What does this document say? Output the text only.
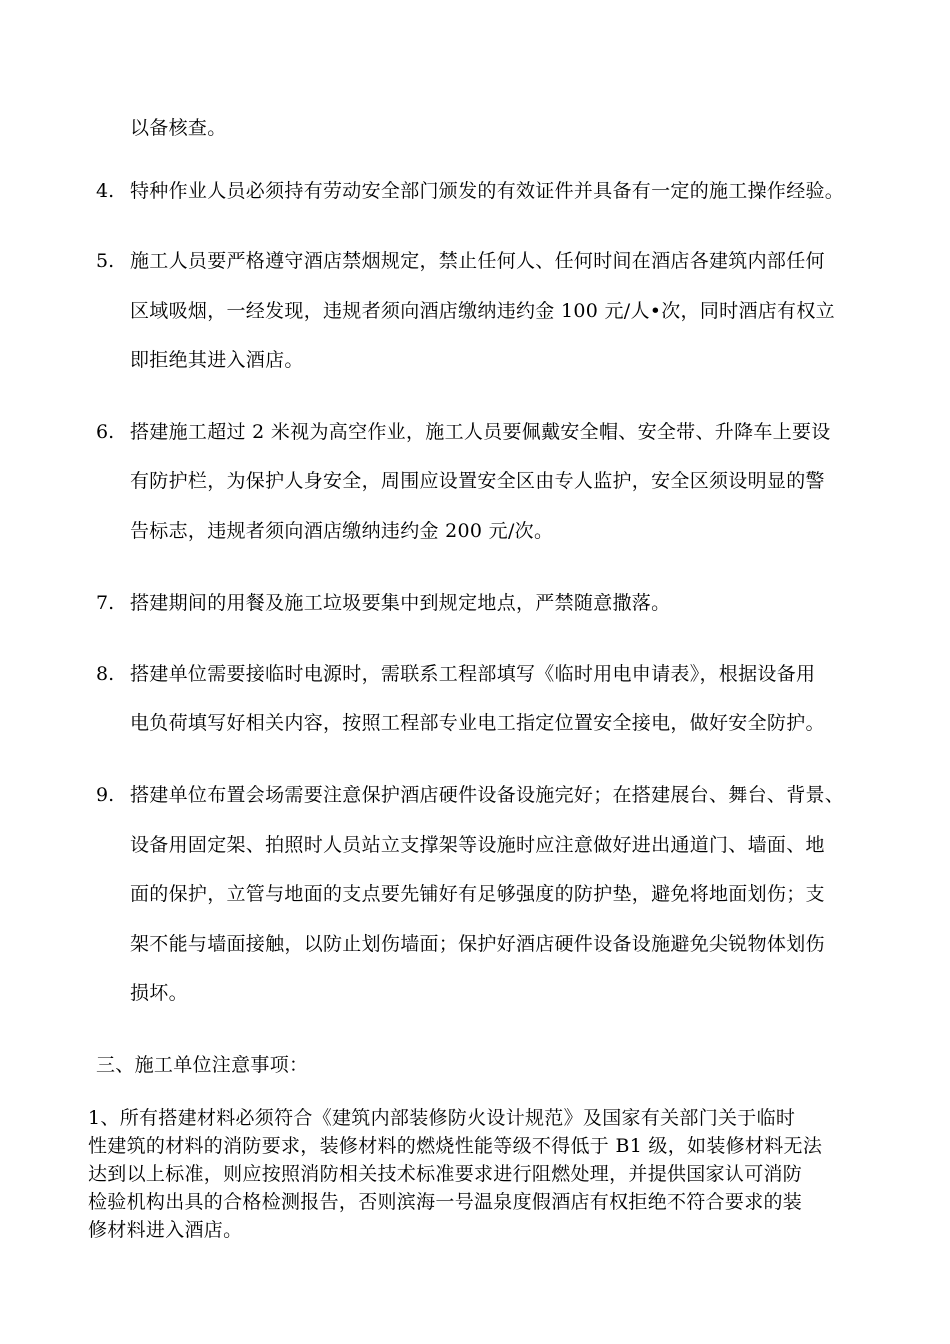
以备核查。
4. 特种作业人员必须持有劳动安全部门颁发的有效证件并具备有一定的施工操作经验。
5. 施工人员要严格遵守酒店禁烟规定，禁止任何人、任何时间在酒店各建筑内部任何
区域吸烟，一经发现，违规者须向酒店缴纳违约金 100 元/人•次，同时酒店有权立
即拒绝其进入酒店。
6. 搭建施工超过 2 米视为高空作业，施工人员要佩戴安全帽、安全带、升降车上要设
有防护栏，为保护人身安全，周围应设置安全区由专人监护，安全区须设明显的警
告标志，违规者须向酒店缴纳违约金 200 元/次。
7. 搭建期间的用餐及施工垃圾要集中到规定地点，严禁随意撒落。
8. 搭建单位需要接临时电源时，需联系工程部填写《临时用电申请表》，根据设备用
电负荷填写好相关内容，按照工程部专业电工指定位置安全接电，做好安全防护。
9. 搭建单位布置会场需要注意保护酒店硬件设备设施完好；在搭建展台、舞台、背景、
设备用固定架、拍照时人员站立支撑架等设施时应注意做好进出通道门、墙面、地
面的保护，立管与地面的支点要先铺好有足够强度的防护垫，避免将地面划伤；支
架不能与墙面接触，以防止划伤墙面；保护好酒店硬件设备设施避免尖锐物体划伤
损坏。
三、施工单位注意事项：
1、所有搭建材料必须符合《建筑内部装修防火设计规范》及国家有关部门关于临时
性建筑的材料的消防要求，装修材料的燃烧性能等级不得低于 B1 级，如装修材料无法
达到以上标准，则应按照消防相关技术标准要求进行阻燃处理，并提供国家认可消防
检验机构出具的合格检测报告，否则滨海一号温泉度假酒店有权拒绝不符合要求的装
修材料进入酒店。
